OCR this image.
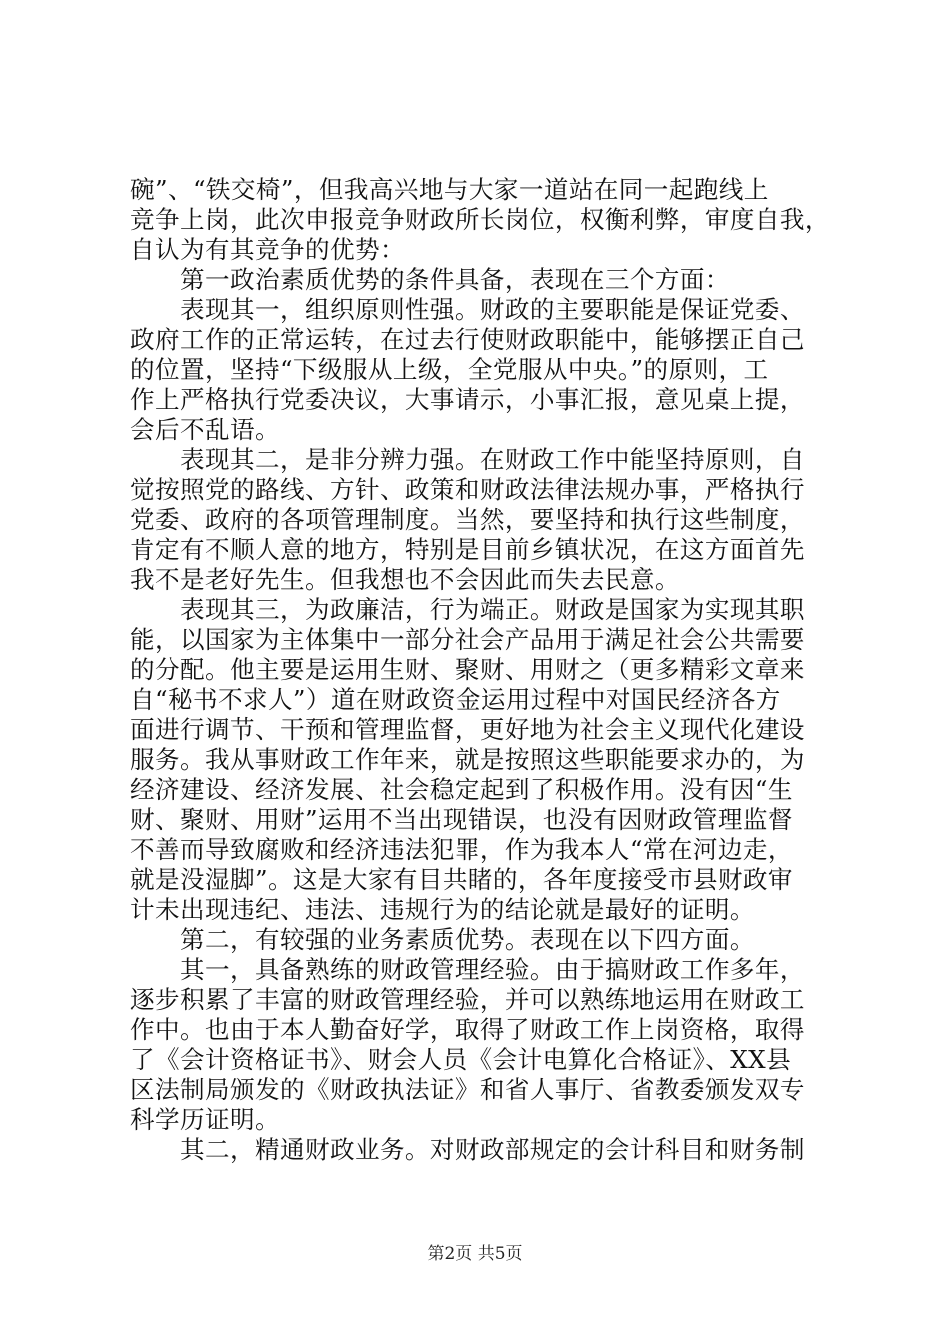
碗”、“铁交椅”，但我高兴地与大家一道站在同一起跑线上
竞争上岗，此次申报竞争财政所长岗位，权衡利弊，审度自我，
自认为有其竞争的优势：
　　第一政治素质优势的条件具备，表现在三个方面：
　　表现其一，组织原则性强。财政的主要职能是保证党委、
政府工作的正常运转，在过去行使财政职能中，能够摆正自己
的位置，坚持“下级服从上级，全党服从中央。”的原则，工
作上严格执行党委决议，大事请示，小事汇报，意见桌上提，
会后不乱语。
　　表现其二，是非分辨力强。在财政工作中能坚持原则，自
觉按照党的路线、方针、政策和财政法律法规办事，严格执行
党委、政府的各项管理制度。当然，要坚持和执行这些制度，
肯定有不顺人意的地方，特别是目前乡镇状况，在这方面首先
我不是老好先生。但我想也不会因此而失去民意。
　　表现其三，为政廉洁，行为端正。财政是国家为实现其职
能，以国家为主体集中一部分社会产品用于满足社会公共需要
的分配。他主要是运用生财、聚财、用财之（更多精彩文章来
自“秘书不求人”）道在财政资金运用过程中对国民经济各方
面进行调节、干预和管理监督，更好地为社会主义现代化建设
服务。我从事财政工作年来，就是按照这些职能要求办的，为
经济建设、经济发展、社会稳定起到了积极作用。没有因“生
财、聚财、用财”运用不当出现错误，也没有因财政管理监督
不善而导致腐败和经济违法犯罪，作为我本人“常在河边走，
就是没湿脚”。这是大家有目共睹的，各年度接受市县财政审
计未出现违纪、违法、违规行为的结论就是最好的证明。
　　第二，有较强的业务素质优势。表现在以下四方面。
　　其一，具备熟练的财政管理经验。由于搞财政工作多年，
逐步积累了丰富的财政管理经验，并可以熟练地运用在财政工
作中。也由于本人勤奋好学，取得了财政工作上岗资格，取得
了《会计资格证书》、财会人员《会计电算化合格证》、XX县
区法制局颁发的《财政执法证》和省人事厅、省教委颁发双专
科学历证明。
　　其二，精通财政业务。对财政部规定的会计科目和财务制
第2页 共5页
